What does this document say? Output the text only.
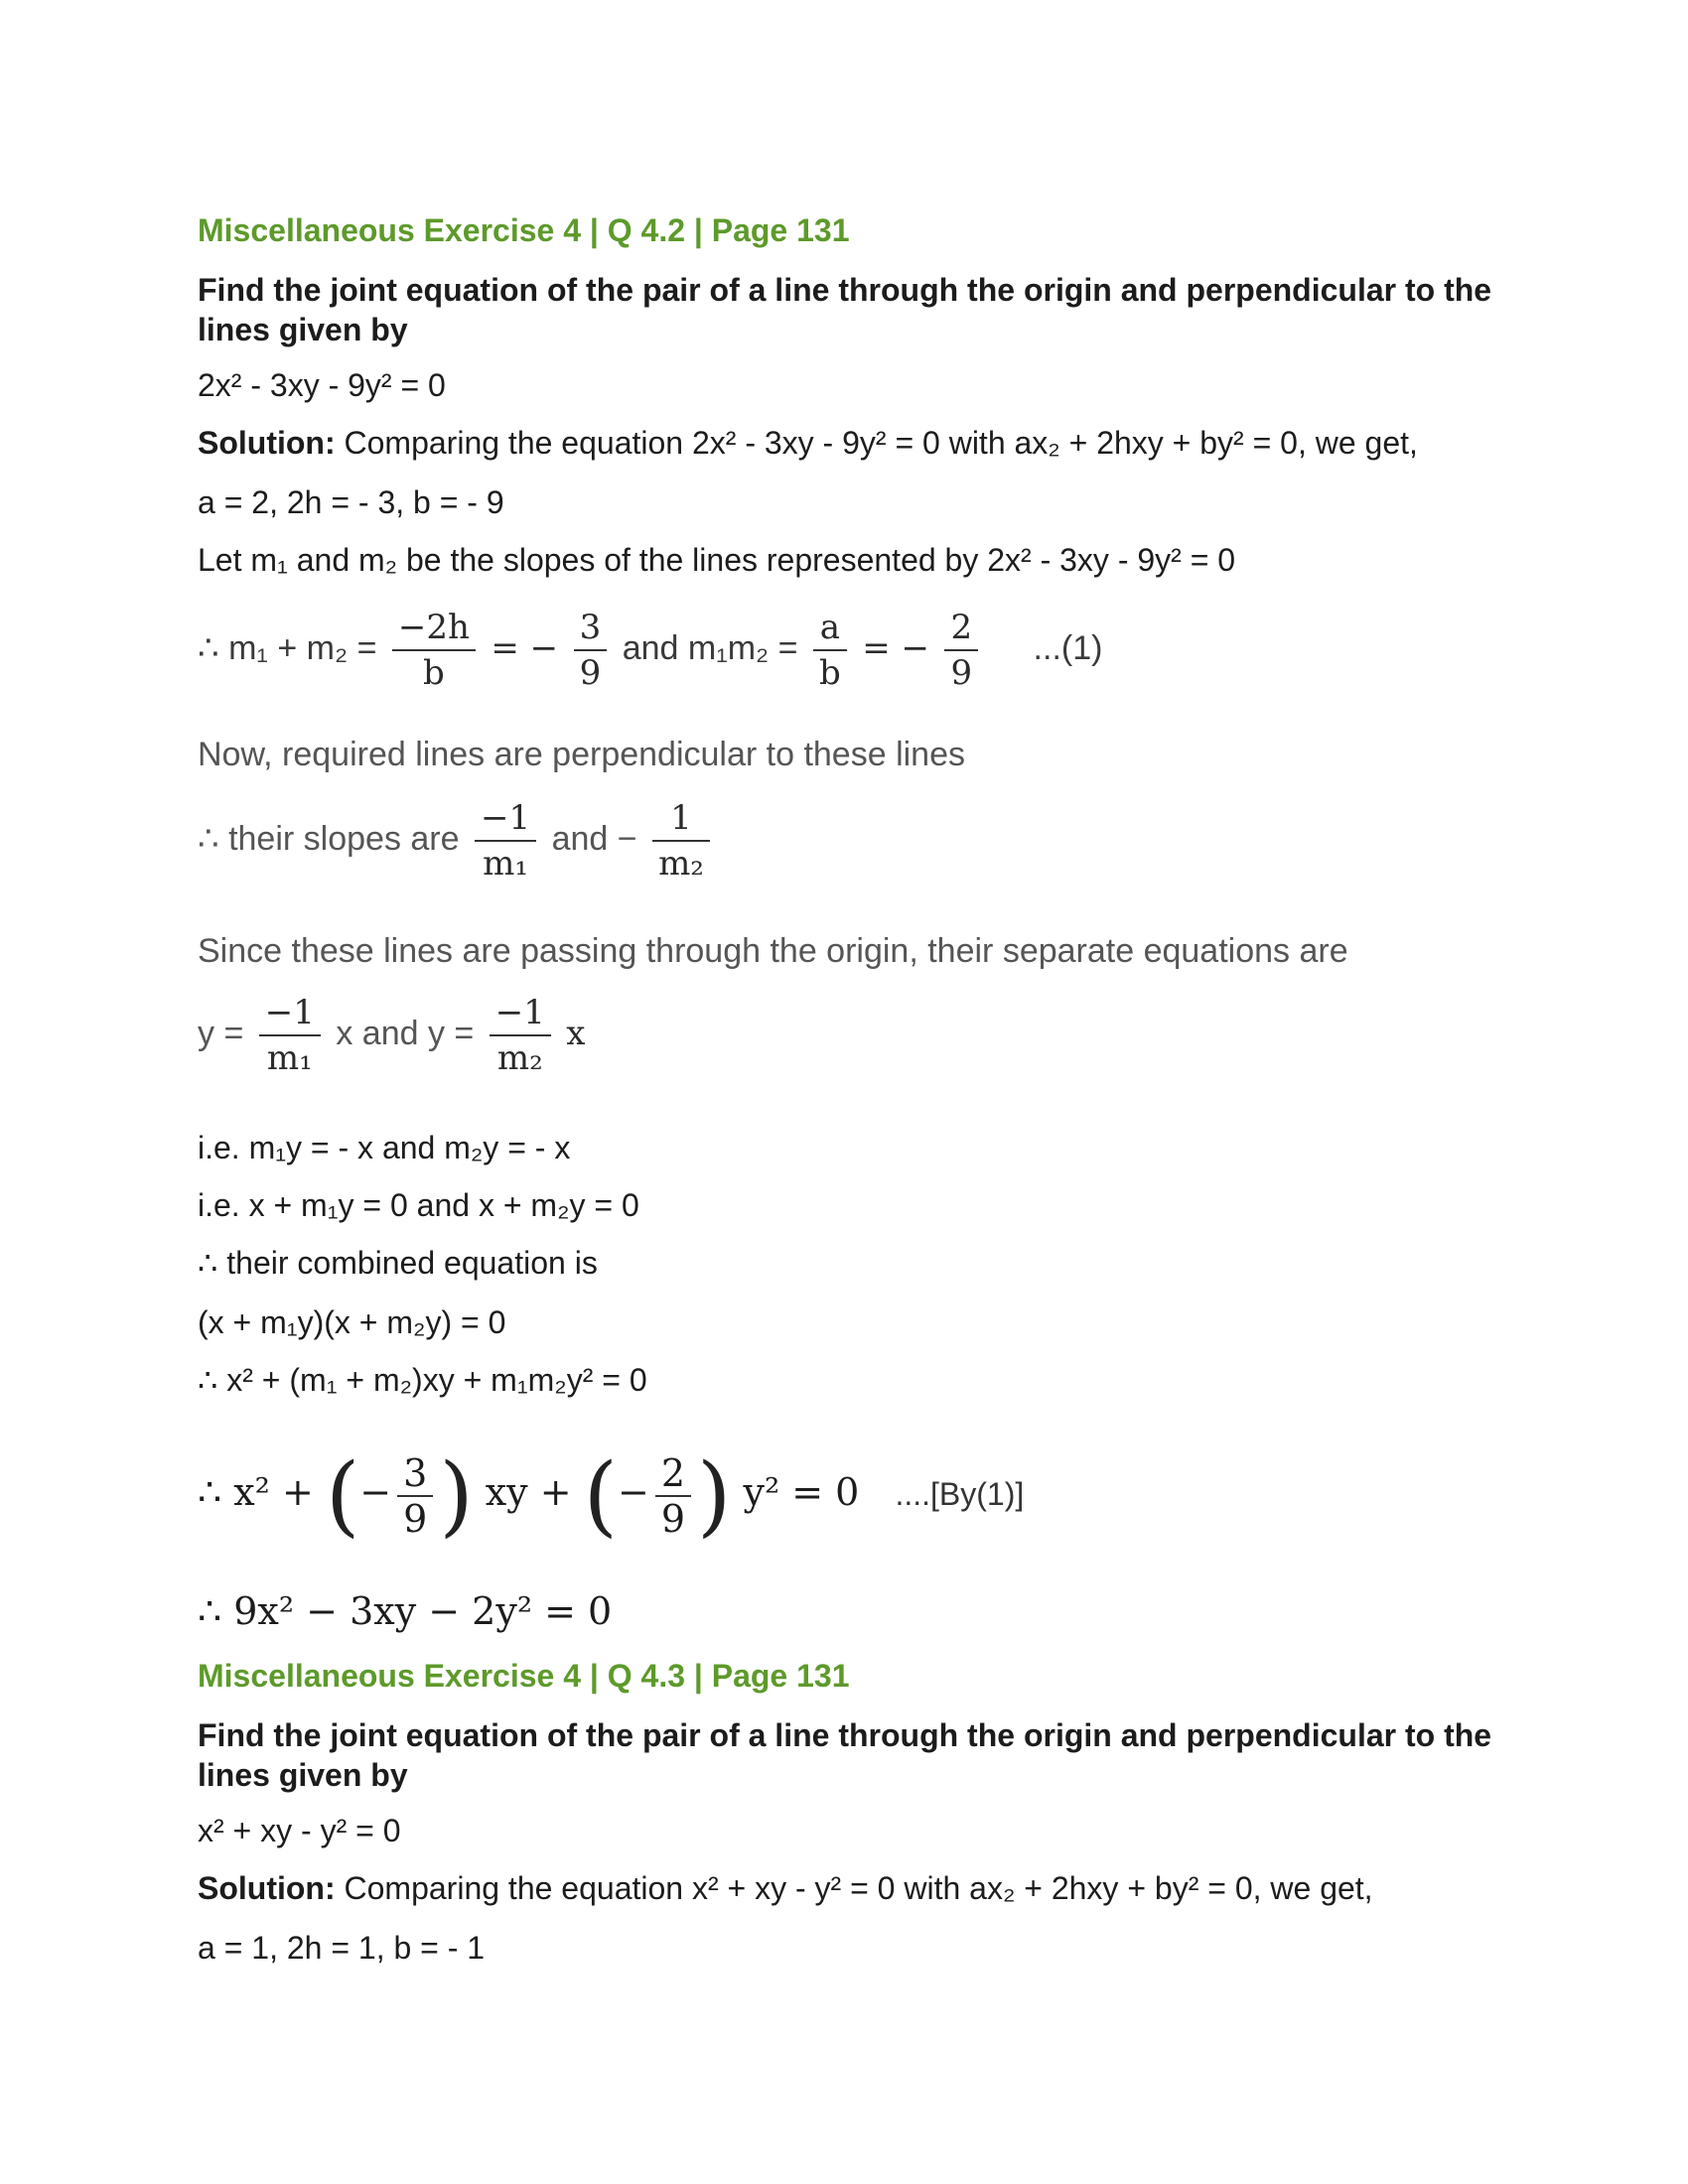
Miscellaneous Exercise 4 | Q 4.2 | Page 131
Find the joint equation of the pair of a line through the origin and perpendicular to the lines given by
2x² - 3xy - 9y² = 0
Solution: Comparing the equation 2x² - 3xy - 9y² = 0 with ax₂ + 2hxy + by² = 0, we get,
a = 2, 2h = - 3, b = - 9
Let m₁ and m₂ be the slopes of the lines represented by 2x² - 3xy - 9y² = 0
∴ $m_1 + m_2 = \frac{-2h}{b}$ = − $\frac{3}{9}$ and $m_1m_2 = \frac{a}{b}$ = − $\frac{2}{9} ...(1)$
Now, required lines are perpendicular to these lines
∴ their slopes are $\frac{-1}{\text{m₁}}$ and − $\frac{1}{\text{m₂}}$
Since these lines are passing through the origin, their separate equations are
$y = \frac{-1}{\text{m₁}}$ x and $y = \frac{-1}{\text{m₂}}$ x
i.e. m₁y = - x and m₂y = - x
i.e. x + m₁y = 0 and x + m₂y = 0
∴ their combined equation is
(x + m₁y)(x + m₂y) = 0
∴ x² + (m₁ + m₂)xy + m₁m₂y² = 0
∴ x² + (− $\frac{3}{9}$ ) xy + (− $\frac{2}{9}$ ) y² = 0 ....[By(1)]
∴ 9x² − 3xy − 2y² = 0
Miscellaneous Exercise 4 | Q 4.3 | Page 131
Find the joint equation of the pair of a line through the origin and perpendicular to the lines given by
x² + xy - y² = 0
Solution: Comparing the equation x² + xy - y² = 0 with ax₂ + 2hxy + by² = 0, we get,
a = 1, 2h = 1, b = - 1
